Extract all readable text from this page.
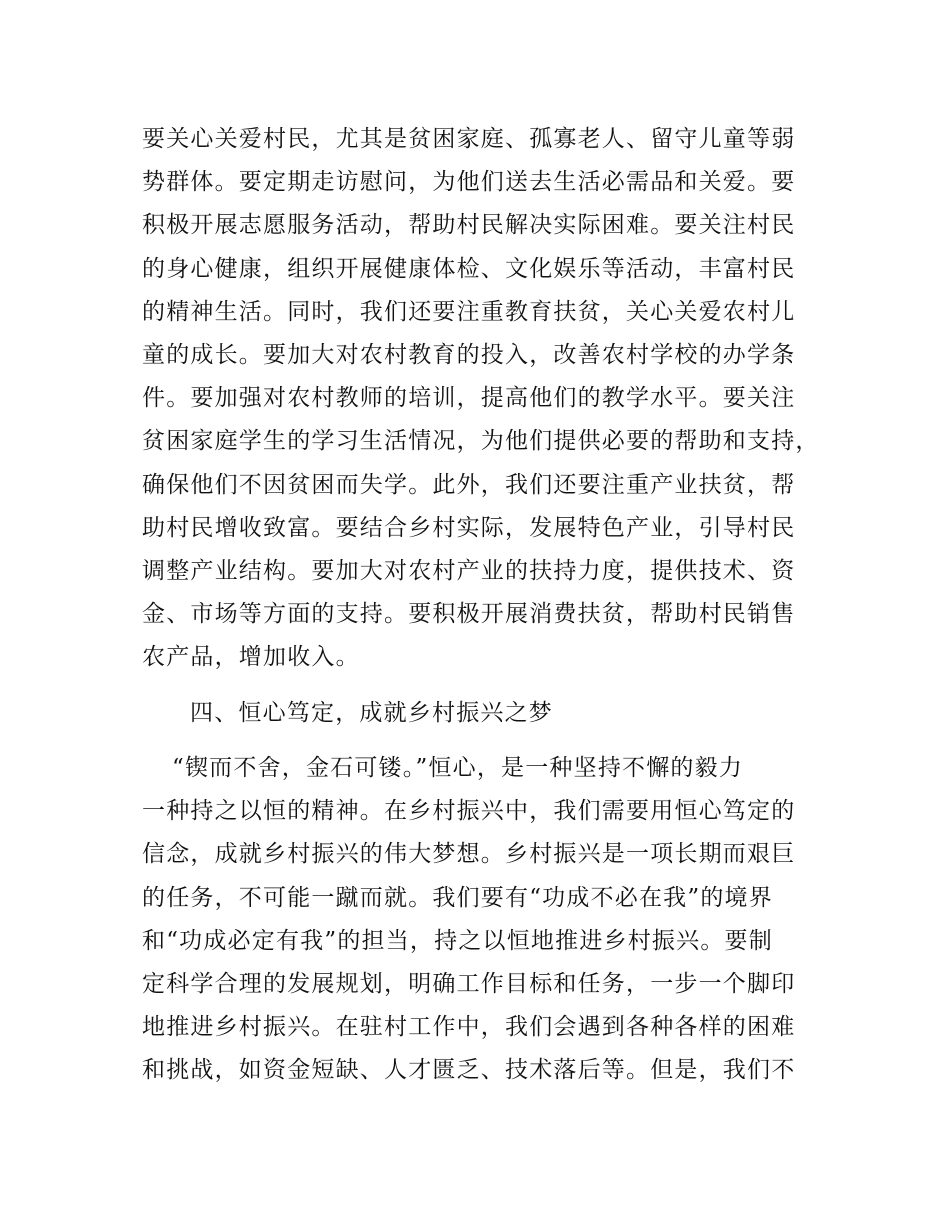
要关心关爱村民，尤其是贫困家庭、孤寡老人、留守儿童等弱
势群体。要定期走访慰问，为他们送去生活必需品和关爱。要
积极开展志愿服务活动，帮助村民解决实际困难。要关注村民
的身心健康，组织开展健康体检、文化娱乐等活动，丰富村民
的精神生活。同时，我们还要注重教育扶贫，关心关爱农村儿
童的成长。要加大对农村教育的投入，改善农村学校的办学条
件。要加强对农村教师的培训，提高他们的教学水平。要关注
贫困家庭学生的学习生活情况，为他们提供必要的帮助和支持，
确保他们不因贫困而失学。此外，我们还要注重产业扶贫，帮
助村民增收致富。要结合乡村实际，发展特色产业，引导村民
调整产业结构。要加大对农村产业的扶持力度，提供技术、资
金、市场等方面的支持。要积极开展消费扶贫，帮助村民销售
农产品，增加收入。
四、恒心笃定，成就乡村振兴之梦
“锲而不舍，金石可镂。”恒心，是一种坚持不懈的毅力
一种持之以恒的精神。在乡村振兴中，我们需要用恒心笃定的
信念，成就乡村振兴的伟大梦想。乡村振兴是一项长期而艰巨
的任务，不可能一蹴而就。我们要有“功成不必在我”的境界
和“功成必定有我”的担当，持之以恒地推进乡村振兴。要制
定科学合理的发展规划，明确工作目标和任务，一步一个脚印
地推进乡村振兴。在驻村工作中，我们会遇到各种各样的困难
和挑战，如资金短缺、人才匮乏、技术落后等。但是，我们不
